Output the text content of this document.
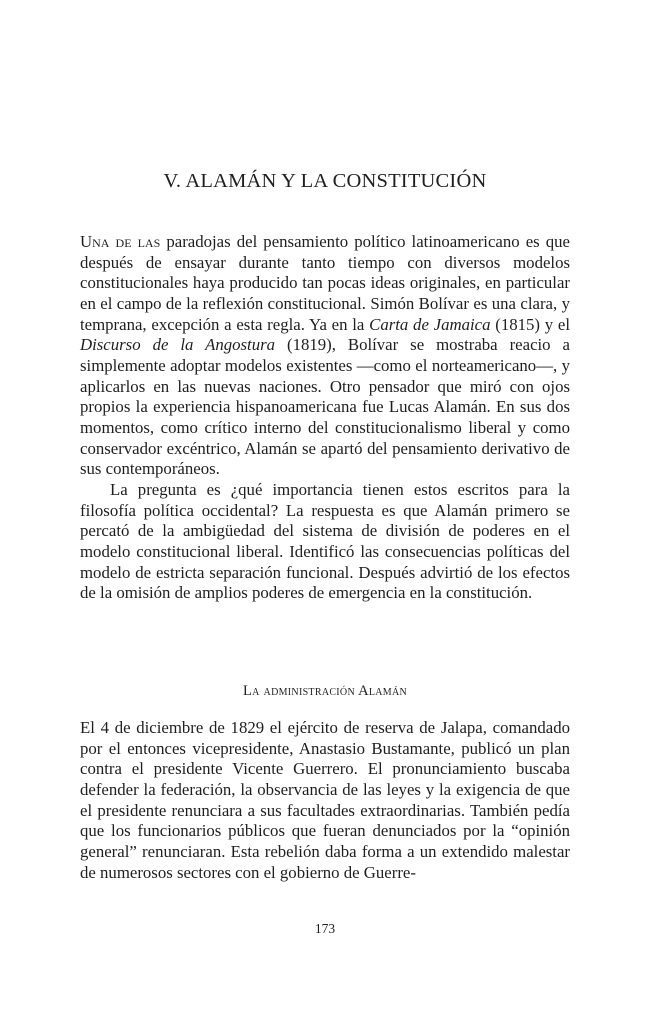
V. ALAMÁN Y LA CONSTITUCIÓN

Una de las paradojas del pensamiento político latinoamericano es que después de ensayar durante tanto tiempo con diversos modelos constitucionales haya producido tan pocas ideas originales, en particular en el campo de la reflexión constitucional. Simón Bolívar es una clara, y temprana, excepción a esta regla. Ya en la Carta de Jamaica (1815) y el Discurso de la Angostura (1819), Bolívar se mostraba reacio a simplemente adoptar modelos existentes —como el norteamericano—, y aplicarlos en las nuevas naciones. Otro pensador que miró con ojos propios la experiencia hispanoamericana fue Lucas Alamán. En sus dos momentos, como crítico interno del constitucionalismo liberal y como conservador excéntrico, Alamán se apartó del pensamiento derivativo de sus contemporáneos.

La pregunta es ¿qué importancia tienen estos escritos para la filosofía política occidental? La respuesta es que Alamán primero se percató de la ambigüedad del sistema de división de poderes en el modelo constitucional liberal. Identificó las consecuencias políticas del modelo de estricta separación funcional. Después advirtió de los efectos de la omisión de amplios poderes de emergencia en la constitución.

La administración Alamán

El 4 de diciembre de 1829 el ejército de reserva de Jalapa, comandado por el entonces vicepresidente, Anastasio Bustamante, publicó un plan contra el presidente Vicente Guerrero. El pronunciamiento buscaba defender la federación, la observancia de las leyes y la exigencia de que el presidente renunciara a sus facultades extraordinarias. También pedía que los funcionarios públicos que fueran denunciados por la “opinión general” renunciaran. Esta rebelión daba forma a un extendido malestar de numerosos sectores con el gobierno de Guerre-

173
